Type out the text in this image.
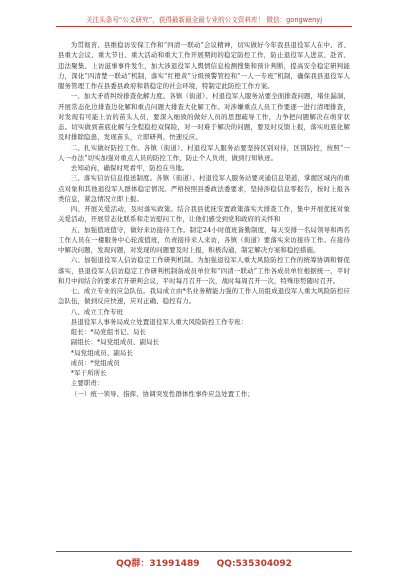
关注头条号“公文研究”，获得最新最全最专业的公文资料库！ 微信：gongwenyj

为贯彻省、县维稳访安保工作和“四清一联动”会议精神，切实做好今年我县退役军人在中、省、县重大会议、重大节日、重大活动和重大工作开展期间的稳定防控工作，防止退役军人进京、赴省、违法聚集、上访滋事事件发生，加大涉退役军人舆情信息检测搜集和预计判断，提高安全稳定研判能力，深化“四清楚一联动”机制，落实“红橙黄”分级预警管控和“一人一专班”机制，确保我县退役军人服务管理工作在县委县政府和谐稳定的社会环境，特制定此防控工作方案。

一、加大矛盾纠纷排查化解力度。各镇（街道）、村退役军人服务站要全面排查问题，堵住漏洞，开展常态化边排查边化解和重点问题大排查大化解工作。对涉嫌重点人员工作要逐一进行清理排查，对发现有可能上访的苗头人员，要深入细致的做好人员的思想疏导工作，力争把问题解决在萌芽状态。切实做到苗底化解与全程稳控双保险，对一时难于解决的问题，要及时反馈上报，落实班底化解及时排除隐患，发现苗头，立即研判、快速反应。

二、扎实做好防控工作。各镇（街道）、村退役军人服务站要坚持区别对待，区别防控，按照“一人一办法”切实加强对重点人员的防控工作，防止个人负责，做到行知轨迹。

去知动向，确保时死看牢，防控在当地。

三、落实信访信息报送制度。各镇（街道）、村退役军人服务站要灵通信息渠道，掌握区域内的重点对象和其他退役军人群体稳定情况。严格按照县委政法委要求，坚持涉稳信息零报告，按时上报各类信息，紧急情况立即上报。

四、开展关爱活动，及时落实政策。结合我县优抚安置政策落实大排查工作，集中开展优抚对象关爱活动，开展常态化联系和走访慰问工作，让他们感受到党和政府的关怀和

五、加强值班值守，做好来访接待工作。制定24小时值班备勤制度，每天安排一名局领导和两名工作人员在一楼服务中心轮流值班，负责接待来人来访，各镇（街道）要落实来访接待工作。在接待中解决问题，发现问题，对发现的问题要及时上报，积极沟通，制定解决方案和稳控措施。

六、加强退役军人信访稳定工作研判机制。为加强退役军人重大风险防控工作的统筹协调和督促落实，县退役军人信访稳定工作研判机制备成员单位和“四清一联动”工作各成员单位根据统一，平时和月中间结合的要求召开研判会议，平时每月召开一次，战时每周召开一次，特殊形势随时召开。

七、成立专业的应急队伍。我局成立由*名业务精能力强的工作人员组成退役军人重大风险防控应急队伍，做到反应快速，应对正确、稳控有力。

八、成立工作专班

县退役军人事务局成立处置退役军人重大风险防控工作专班：

组长：*局党组书记、局长

副组长：*局党组成员、副局长

*局党组成员、副局长

成员：*党组成员

*军干所所长

主要职责：

（一）统一领导、指挥、协调突发性群体性事件应急处置工作；

QQ群：31991489 QQ:535304092
